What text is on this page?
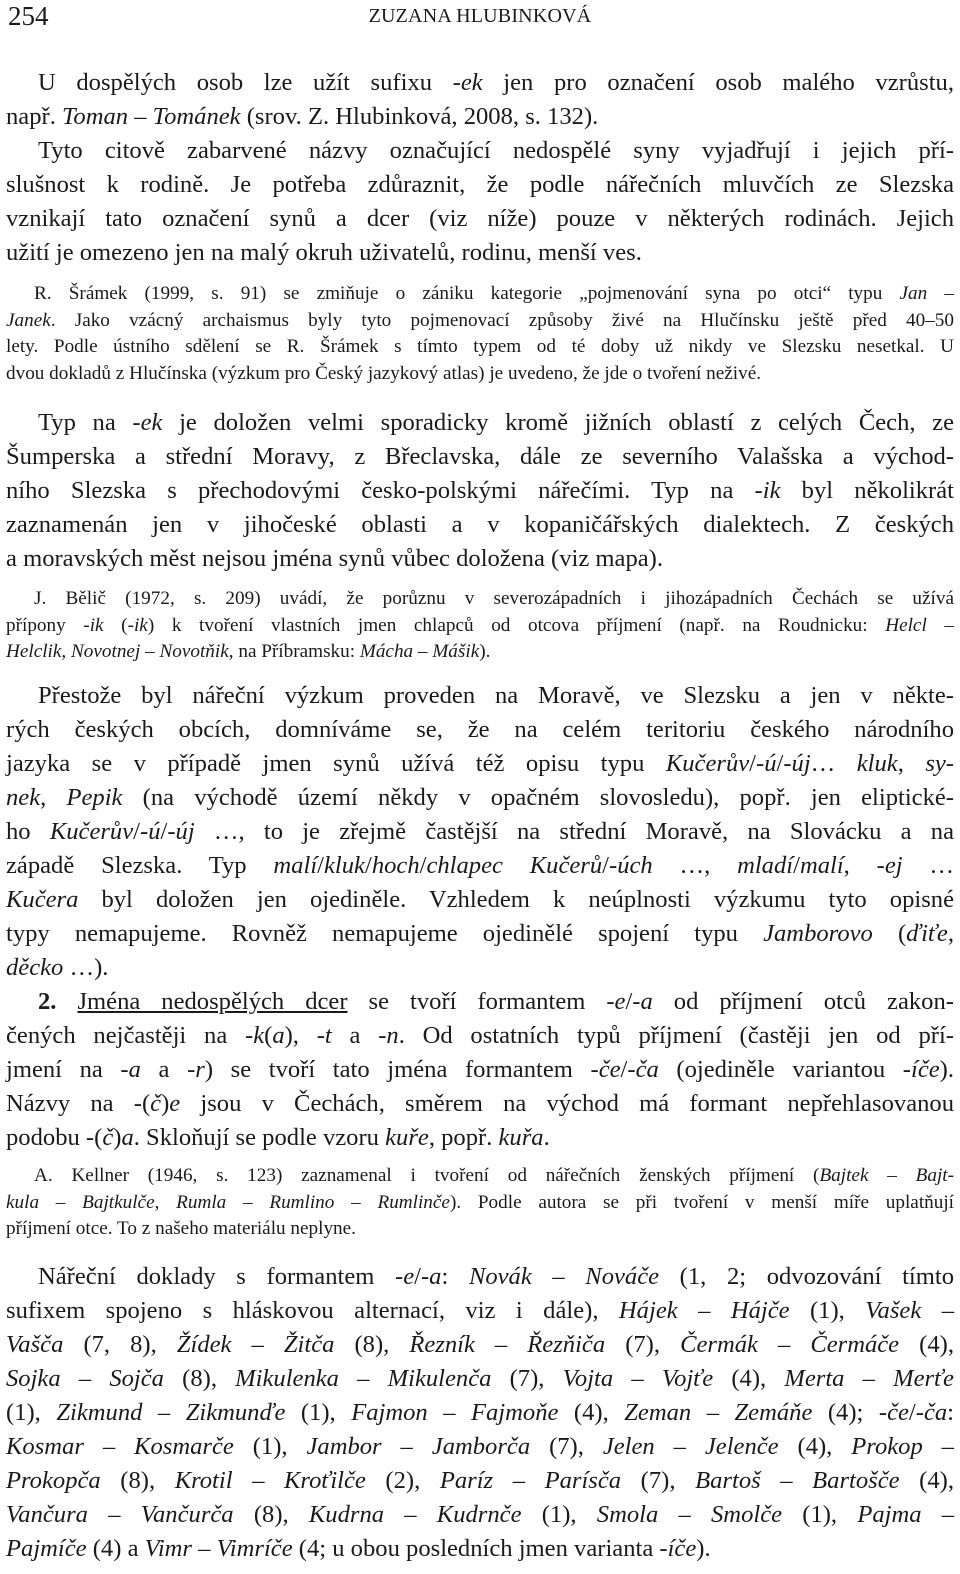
254	ZUZANA HLUBINKOVÁ
U dospělých osob lze užít sufixu -ek jen pro označení osob malého vzrůstu,
např. Toman – Tománek (srov. Z. Hlubinková, 2008, s. 132).
Tyto citově zabarvené názvy označující nedospělé syny vyjadřují i jejich pří-
slušnost k rodině. Je potřeba zdůraznit, že podle nářečních mluvčích ze Slezska
vznikají tato označení synů a dcer (viz níže) pouze v některých rodinách. Jejich
užití je omezeno jen na malý okruh uživatelů, rodinu, menší ves.
R. Šrámek (1999, s. 91) se zmiňuje o zániku kategorie „pojmenování syna po otci“ typu Jan –
Janek. Jako vzácný archaismus byly tyto pojmenovací způsoby živé na Hlučínsku ještě před 40–50
lety. Podle ústního sdělení se R. Šrámek s tímto typem od té doby už nikdy ve Slezsku nesetkal. U
dvou dokladů z Hlučínska (výzkum pro Český jazykový atlas) je uvedeno, že jde o tvoření neživé.
Typ na -ek je doložen velmi sporadicky kromě jižních oblastí z celých Čech, ze
Šumperska a střední Moravy, z Břeclavska, dále ze severního Valašska a východ-
ního Slezska s přechodovými česko-polskými nářečími. Typ na -ik byl několikrát
zaznamenán jen v jihočeské oblasti a v kopaničářských dialektech. Z českých
a moravských měst nejsou jména synů vůbec doložena (viz mapa).
J. Bělič (1972, s. 209) uvádí, že porůznu v severozápadních i jihozápadních Čechách se užívá
přípony -ik (-ik) k tvoření vlastních jmen chlapců od otcova příjmení (např. na Roudnicku: Helcl –
Helclik, Novotnej – Novotňik, na Příbramsku: Mácha – Mášik).
Přestože byl nářeční výzkum proveden na Moravě, ve Slezsku a jen v někte-
rých českých obcích, domníváme se, že na celém teritoriu českého národního
jazyka se v případě jmen synů užívá též opisu typu Kučerův/-ú/-új… kluk, sy-
nek, Pepik (na východě území někdy v opačném slovosledu), popř. jen eliptické-
ho Kučerův/-ú/-új …, to je zřejmě častější na střední Moravě, na Slovácku a na
západě Slezska. Typ malí/kluk/hoch/chlapec Kučerů/-úch …, mladí/malí, -ej …
Kučera byl doložen jen ojediněle. Vzhledem k neúplnosti výzkumu tyto opisné
typy nemapujeme. Rovněž nemapujeme ojedinělé spojení typu Jamborovo (ďiťe,
děcko …).
2. Jména nedospělých dcer se tvoří formantem -e/-a od příjmení otců zakon-
čených nejčastěji na -k(a), -t a -n. Od ostatních typů příjmení (častěji jen od pří-
jmení na -a a -r) se tvoří tato jména formantem -če/-ča (ojediněle variantou -íče).
Názvy na -(č)e jsou v Čechách, směrem na východ má formant nepřehlasovanou
podobu -(č)a. Skloňují se podle vzoru kuře, popř. kuřa.
A. Kellner (1946, s. 123) zaznamenal i tvoření od nářečních ženských příjmení (Bajtek – Bajt-
kula – Bajtkulče, Rumla – Rumlino – Rumlinče). Podle autora se při tvoření v menší míře uplatňují
příjmení otce. To z našeho materiálu neplyne.
Nářeční doklady s formantem -e/-a: Novák – Nováče (1, 2; odvozování tímto
sufixem spojeno s hláskovou alternací, viz i dále), Hájek – Hájče (1), Vašek –
Vašča (7, 8), Žídek – Žitča (8), Řezník – Řezňiča (7), Čermák – Čermáče (4),
Sojka – Sojča (8), Mikulenka – Mikulenča (7), Vojta – Vojťe (4), Merta – Merťe
(1), Zikmund – Zikmunďe (1), Fajmon – Fajmoňe (4), Zeman – Zemáňe (4); -če/-ča:
Kosmar – Kosmarče (1), Jambor – Jamborča (7), Jelen – Jelenče (4), Prokop –
Prokopča (8), Krotil – Kroťilče (2), Paríz – Parísča (7), Bartoš – Bartošče (4),
Vančura – Vančurča (8), Kudrna – Kudrnče (1), Smola – Smolče (1), Pajma –
Pajmíče (4) a Vimr – Vimríče (4; u obou posledních jmen varianta -íče).
